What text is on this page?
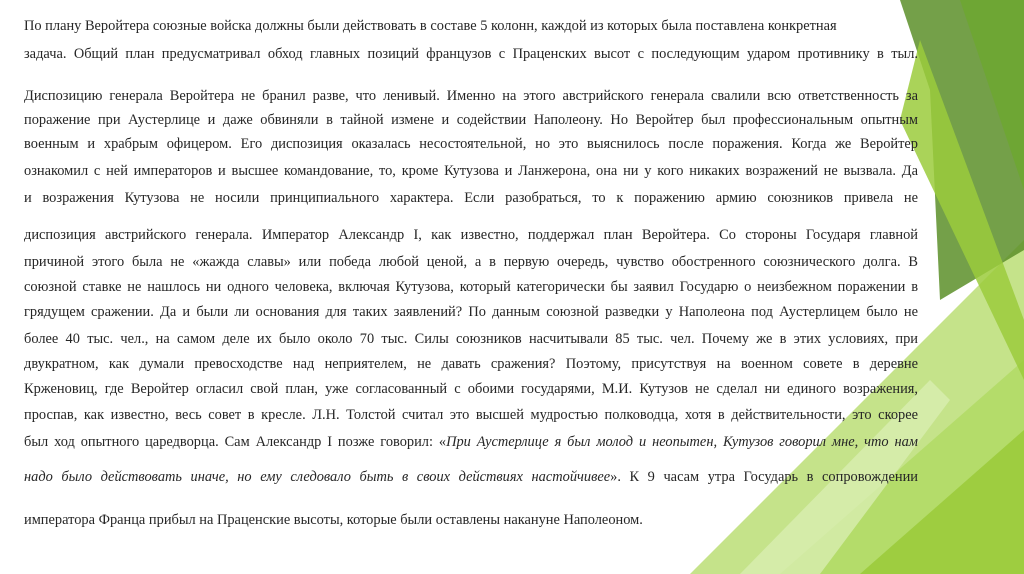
По плану Веройтера союзные войска должны были действовать в составе 5 колонн, каждой из которых была поставлена конкретная
задача. Общий план предусматривал обход главных позиций французов с Праценских высот с последующим ударом противнику в тыл.
Диспозицию генерала Веройтера не бранил разве, что ленивый. Именно на этого австрийского генерала свалили всю ответственность за
поражение при Аустерлице и даже обвиняли в тайной измене и содействии Наполеону. Но Веройтер был профессиональным опытным
военным и храбрым офицером. Его диспозиция оказалась несостоятельной, но это выяснилось после поражения. Когда же Веройтер
ознакомил с ней императоров и высшее командование, то, кроме Кутузова и Ланжерона, она ни у кого никаких возражений не вызвала. Да
и возражения Кутузова не носили принципиального характера. Если разобраться, то к поражению армию союзников привела не
диспозиция австрийского генерала. Император Александр I, как известно, поддержал план Веройтера. Со стороны Государя главной
причиной этого была не «жажда славы» или победа любой ценой, а в первую очередь, чувство обостренного союзнического долга. В
союзной ставке не нашлось ни одного человека, включая Кутузова, который категорически бы заявил Государю о неизбежном поражении в
грядущем сражении. Да и были ли основания для таких заявлений? По данным союзной разведки у Наполеона под Аустерлицем было не
более 40 тыс. чел., на самом деле их было около 70 тыс. Силы союзников насчитывали 85 тыс. чел. Почему же в этих условиях, при
двукратном, как думали превосходстве над неприятелем, не давать сражения? Поэтому, присутствуя на военном совете в деревне
Крженовиц, где Веройтер огласил свой план, уже согласованный с обоими государями, М.И. Кутузов не сделал ни единого возражения,
проспав, как известно, весь совет в кресле. Л.Н. Толстой считал это высшей мудростью полководца, хотя в действительности, это скорее
был ход опытного царедворца. Сам Александр I позже говорил: «При Аустерлице я был молод и неопытен, Кутузов говорил мне, что нам
надо было действовать иначе, но ему следовало быть в своих действиях настойчивее». К 9 часам утра Государь в сопровождении
императора Франца прибыл на Праценские высоты, которые были оставлены накануне Наполеоном.
